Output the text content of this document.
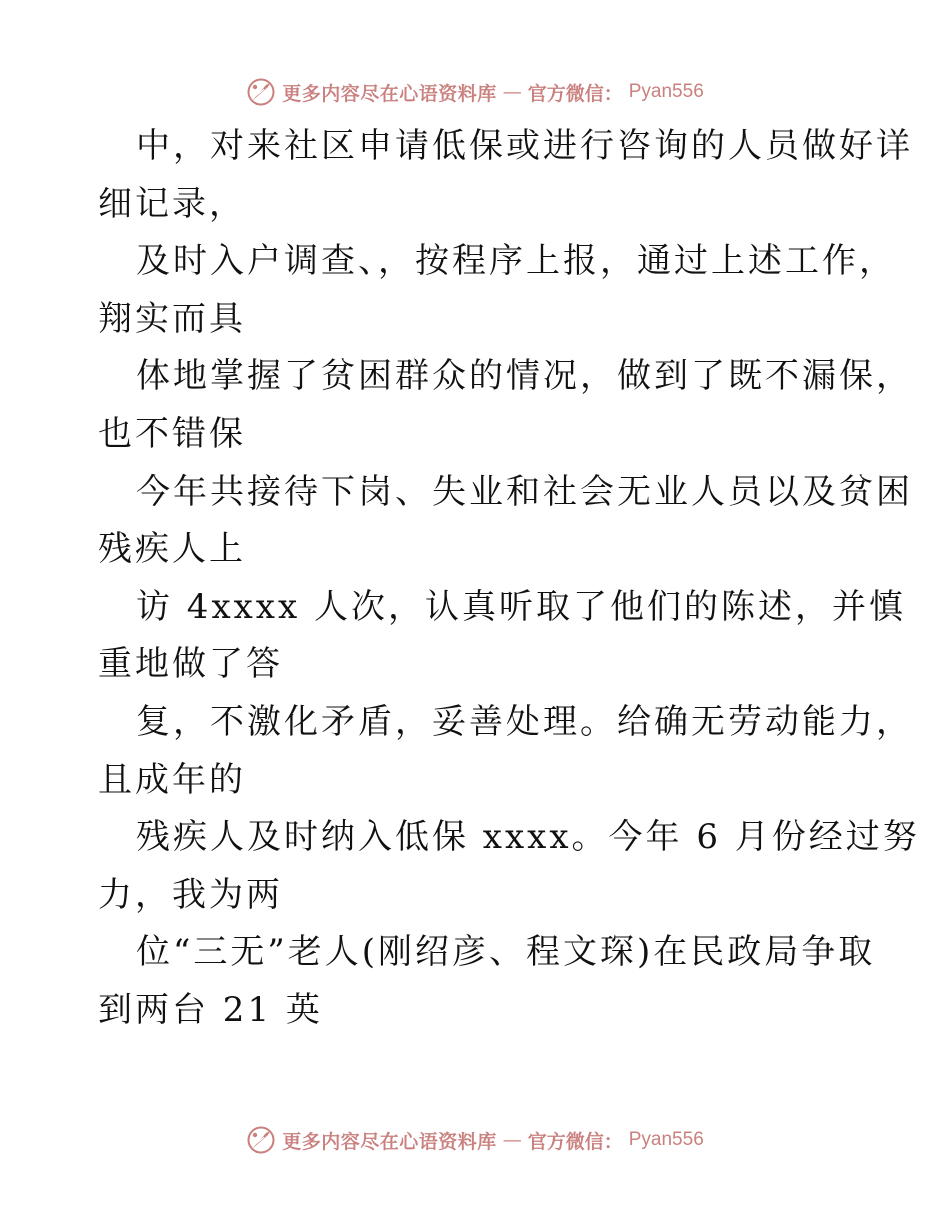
更多内容尽在心语资料库 — 官方微信： Pyan556
中，对来社区申请低保或进行咨询的人员做好详
细记录，
及时入户调查、，按程序上报，通过上述工作，
翔实而具
体地掌握了贫困群众的情况，做到了既不漏保，
也不错保
今年共接待下岗、失业和社会无业人员以及贫困
残疾人上
访 4xxxx 人次，认真听取了他们的陈述，并慎
重地做了答
复，不激化矛盾，妥善处理。给确无劳动能力，
且成年的
残疾人及时纳入低保 xxxx。今年 6 月份经过努
力，我为两
位“三无”老人(刚绍彦、程文琛)在民政局争取
到两台 21 英
更多内容尽在心语资料库 — 官方微信： Pyan556
